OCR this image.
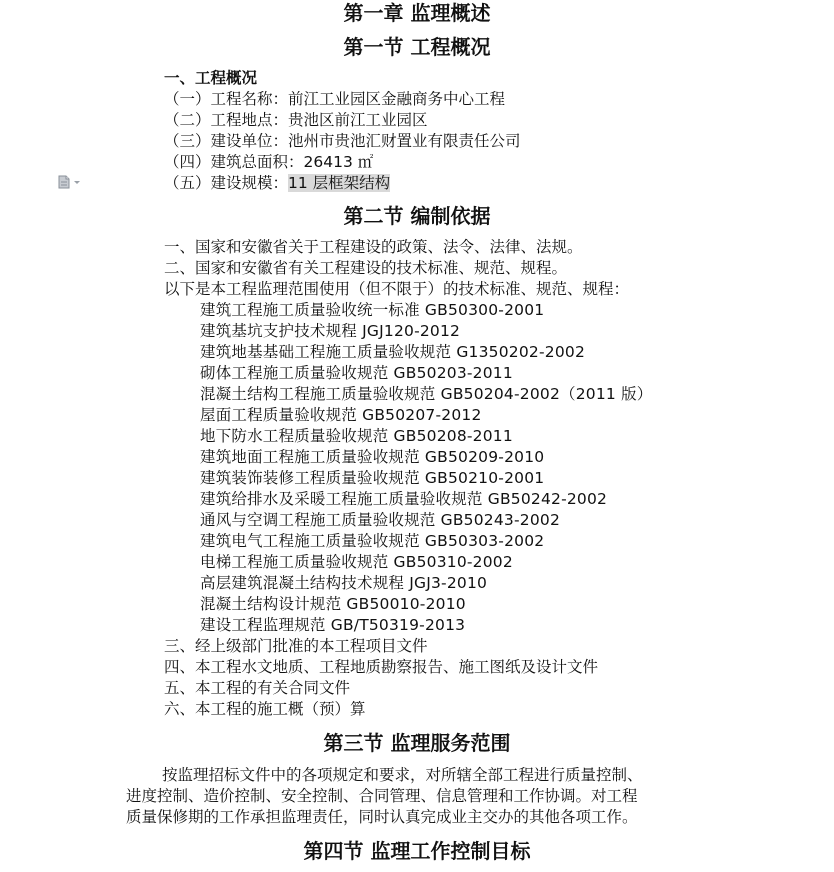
第一章 监理概述
第一节 工程概况
一、工程概况
（一）工程名称：前江工业园区金融商务中心工程
（二）工程地点：贵池区前江工业园区
（三）建设单位：池州市贵池汇财置业有限责任公司
（四）建筑总面积：26413 ㎡
（五）建设规模：11 层框架结构
第二节 编制依据
一、国家和安徽省关于工程建设的政策、法令、法律、法规。
二、国家和安徽省有关工程建设的技术标准、规范、规程。
以下是本工程监理范围使用（但不限于）的技术标准、规范、规程：
建筑工程施工质量验收统一标准 GB50300-2001
建筑基坑支护技术规程 JGJ120-2012
建筑地基基础工程施工质量验收规范 G1350202-2002
砌体工程施工质量验收规范 GB50203-2011
混凝土结构工程施工质量验收规范 GB50204-2002（2011 版）
屋面工程质量验收规范 GB50207-2012
地下防水工程质量验收规范 GB50208-2011
建筑地面工程施工质量验收规范 GB50209-2010
建筑装饰装修工程质量验收规范 GB50210-2001
建筑给排水及采暖工程施工质量验收规范 GB50242-2002
通风与空调工程施工质量验收规范 GB50243-2002
建筑电气工程施工质量验收规范 GB50303-2002
电梯工程施工质量验收规范 GB50310-2002
高层建筑混凝土结构技术规程 JGJ3-2010
混凝土结构设计规范 GB50010-2010
建设工程监理规范 GB/T50319-2013
三、经上级部门批准的本工程项目文件
四、本工程水文地质、工程地质勘察报告、施工图纸及设计文件
五、本工程的有关合同文件
六、本工程的施工概（预）算
第三节 监理服务范围
按监理招标文件中的各项规定和要求，对所辖全部工程进行质量控制、
进度控制、造价控制、安全控制、合同管理、信息管理和工作协调。对工程
质量保修期的工作承担监理责任，同时认真完成业主交办的其他各项工作。
第四节 监理工作控制目标
